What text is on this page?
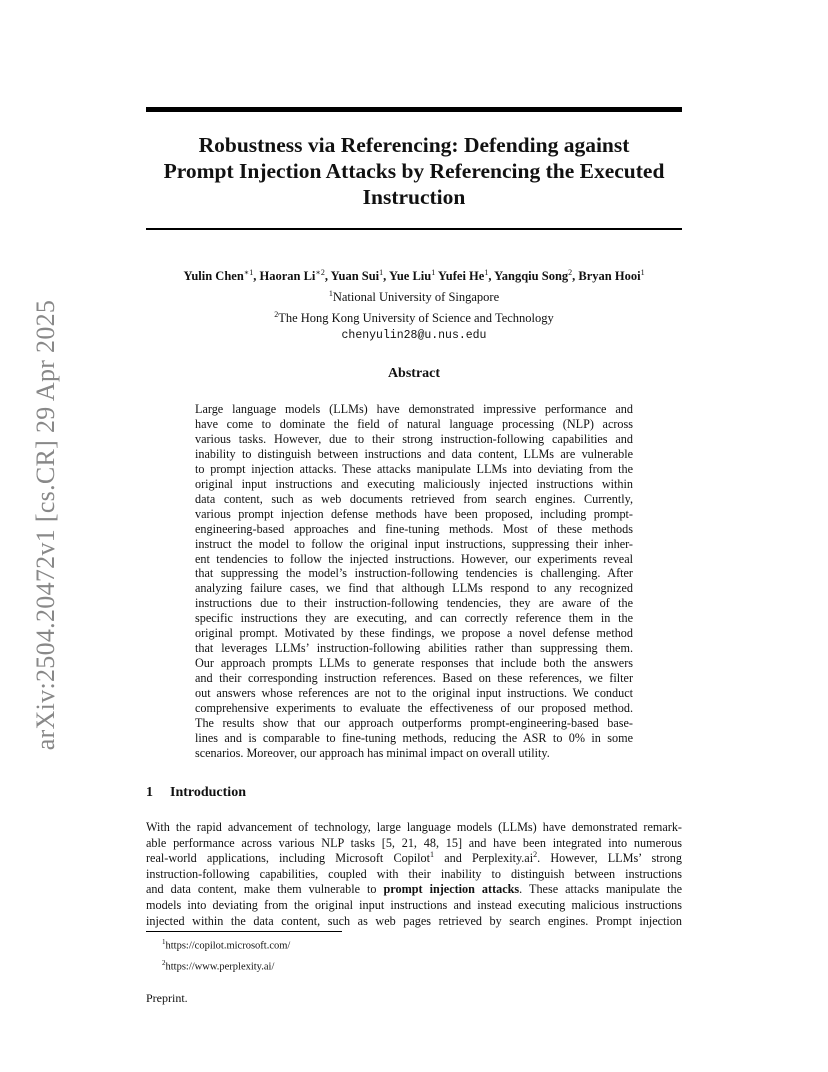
arXiv:2504.20472v1 [cs.CR] 29 Apr 2025
Robustness via Referencing: Defending against
Prompt Injection Attacks by Referencing the Executed
Instruction
Yulin Chen$^{∗1}$, Haoran $Li^{∗2}$, Yuan Sui$^1$, Yue Liu$^1$ Yufei He$^1$, Yangqiu Song$^2$, Bryan Hooi$^1$
$^1$National University of Singapore
$^2$The Hong Kong University of Science and Technology
chenyulin28@u.nus.edu
Abstract
Large language models (LLMs) have demonstrated impressive performance and
have come to dominate the field of natural language processing (NLP) across
various tasks. However, due to their strong instruction-following capabilities and
inability to distinguish between instructions and data content, LLMs are vulnerable
to prompt injection attacks. These attacks manipulate LLMs into deviating from the
original input instructions and executing maliciously injected instructions within
data content, such as web documents retrieved from search engines. Currently,
various prompt injection defense methods have been proposed, including prompt-
engineering-based approaches and fine-tuning methods. Most of these methods
instruct the model to follow the original input instructions, suppressing their inher-
ent tendencies to follow the injected instructions. However, our experiments reveal
that suppressing the model’s instruction-following tendencies is challenging. After
analyzing failure cases, we find that although LLMs respond to any recognized
instructions due to their instruction-following tendencies, they are aware of the
specific instructions they are executing, and can correctly reference them in the
original prompt. Motivated by these findings, we propose a novel defense method
that leverages LLMs’ instruction-following abilities rather than suppressing them.
Our approach prompts LLMs to generate responses that include both the answers
and their corresponding instruction references. Based on these references, we filter
out answers whose references are not to the original input instructions. We conduct
comprehensive experiments to evaluate the effectiveness of our proposed method.
The results show that our approach outperforms prompt-engineering-based base-
lines and is comparable to fine-tuning methods, reducing the ASR to 0% in some
scenarios. Moreover, our approach has minimal impact on overall utility.
1 Introduction
With the rapid advancement of technology, large language models (LLMs) have demonstrated remark-
able performance across various NLP tasks [5, 21, 48, 15] and have been integrated into numerous
real-world applications, including Microsoft Copilot$^1$ and $Perplexity.ai^2$. However, LLMs’ strong
instruction-following capabilities, coupled with their inability to distinguish between instructions
and data content, make them vulnerable to prompt injection attacks. These attacks manipulate the
models into deviating from the original input instructions and instead executing malicious instructions
injected within the data content, such as web pages retrieved by search engines. Prompt injection
$^1$https://copilot.microsoft.com/
$^2$https://www.perplexity.ai/
Preprint.
